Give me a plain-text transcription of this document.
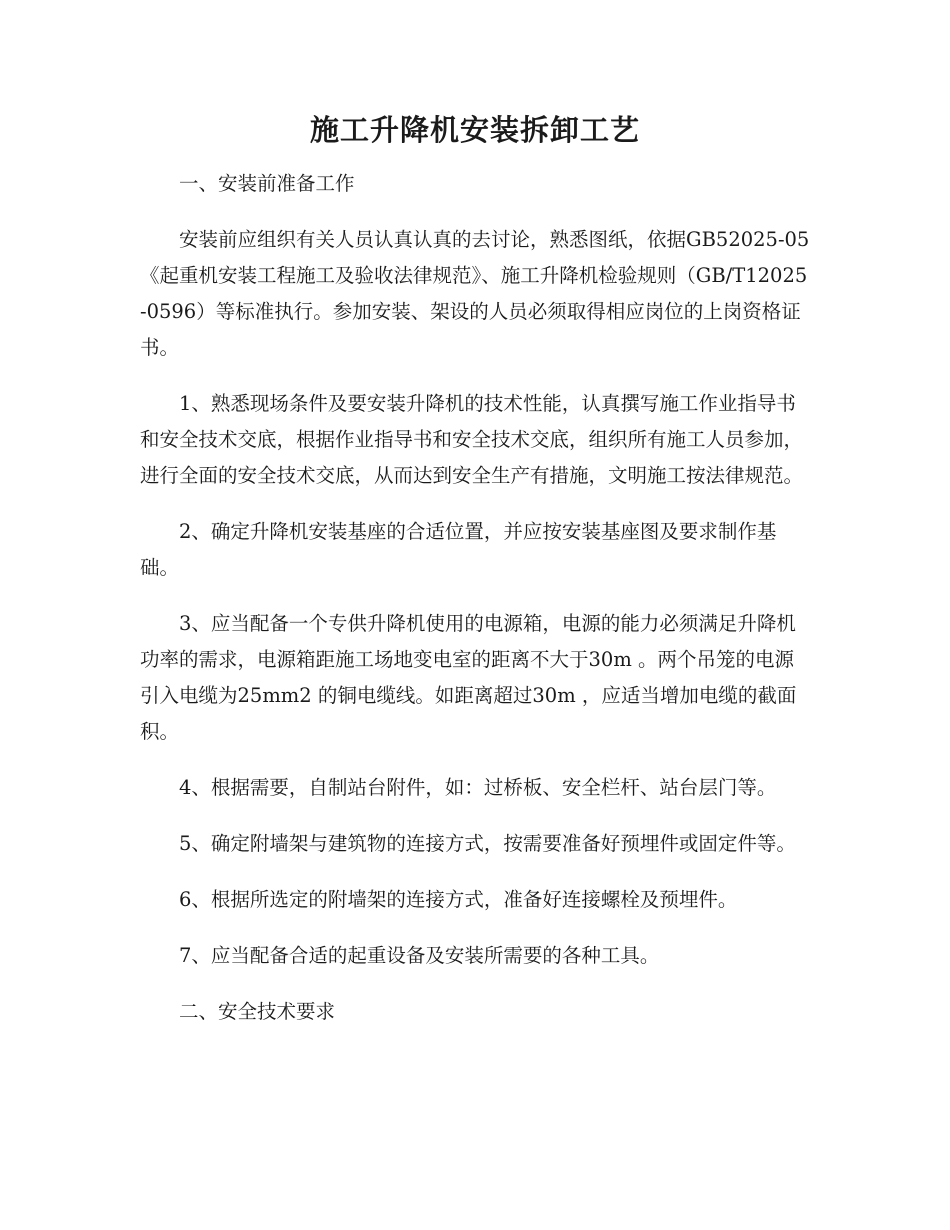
施工升降机安装拆卸工艺

一、安装前准备工作

安装前应组织有关人员认真认真的去讨论，熟悉图纸，依据GB52025-05《起重机安装工程施工及验收法律规范》、施工升降机检验规则（GB/T12025-0596）等标准执行。参加安装、架设的人员必须取得相应岗位的上岗资格证书。

1、熟悉现场条件及要安装升降机的技术性能，认真撰写施工作业指导书和安全技术交底，根据作业指导书和安全技术交底，组织所有施工人员参加，进行全面的安全技术交底，从而达到安全生产有措施，文明施工按法律规范。

2、确定升降机安装基座的合适位置，并应按安装基座图及要求制作基础。

3、应当配备一个专供升降机使用的电源箱，电源的能力必须满足升降机功率的需求，电源箱距施工场地变电室的距离不大于30m 。两个吊笼的电源引入电缆为25mm2 的铜电缆线。如距离超过30m ，应适当增加电缆的截面积。

4、根据需要，自制站台附件，如：过桥板、安全栏杆、站台层门等。

5、确定附墙架与建筑物的连接方式，按需要准备好预埋件或固定件等。

6、根据所选定的附墙架的连接方式，准备好连接螺栓及预埋件。

7、应当配备合适的起重设备及安装所需要的各种工具。

二、安全技术要求
